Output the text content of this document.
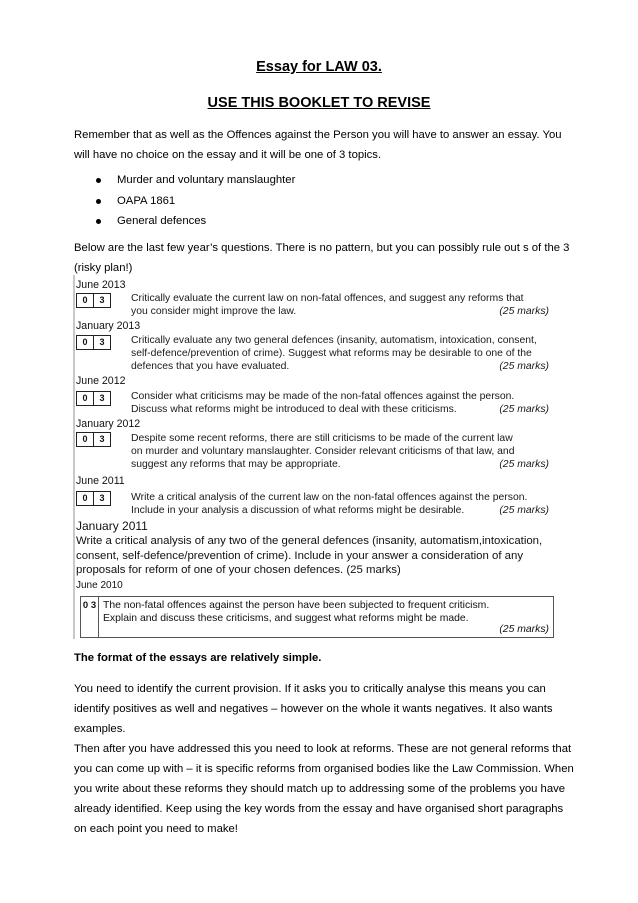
Essay for LAW 03.
USE THIS BOOKLET TO REVISE

Remember that as well as the Offences against the Person you will have to answer an essay. You will have no choice on the essay and it will be one of 3 topics.

Murder and voluntary manslaughter
OAPA 1861
General defences

Below are the last few year’s questions. There is no pattern, but you can possibly rule out s of the 3 (risky plan!)

June 2013
0	3	Critically evaluate the current law on non-fatal offences, and suggest any reforms that
you consider might improve the law.	(25 marks)
January 2013
0	3	Critically evaluate any two general defences (insanity, automatism, intoxication, consent,
self-defence/prevention of crime). Suggest what reforms may be desirable to one of the
defences that you have evaluated.	(25 marks)
June 2012
0	3	Consider what criticisms may be made of the non-fatal offences against the person.
Discuss what reforms might be introduced to deal with these criticisms.	(25 marks)
January 2012
0	3	Despite some recent reforms, there are still criticisms to be made of the current law
on murder and voluntary manslaughter. Consider relevant criticisms of that law, and
suggest any reforms that may be appropriate.	(25 marks)
June 2011
0	3	Write a critical analysis of the current law on the non-fatal offences against the person.
Include in your analysis a discussion of what reforms might be desirable.	(25 marks)
January 2011
Write a critical analysis of any two of the general defences (insanity, automatism,intoxication, consent, self-defence/prevention of crime). Include in your answer a consideration of any proposals for reform of one of your chosen defences. (25 marks)
June 2010
0 3 The non-fatal offences against the person have been subjected to frequent criticism.
Explain and discuss these criticisms, and suggest what reforms might be made.
(25 marks)
The format of the essays are relatively simple.

You need to identify the current provision. If it asks you to critically analyse this means you can identify positives as well and negatives – however on the whole it wants negatives. It also wants examples.

Then after you have addressed this you need to look at reforms. These are not general reforms that you can come up with – it is specific reforms from organised bodies like the Law Commission. When you write about these reforms they should match up to addressing some of the problems you have already identified. Keep using the key words from the essay and have organised short paragraphs on each point you need to make!
